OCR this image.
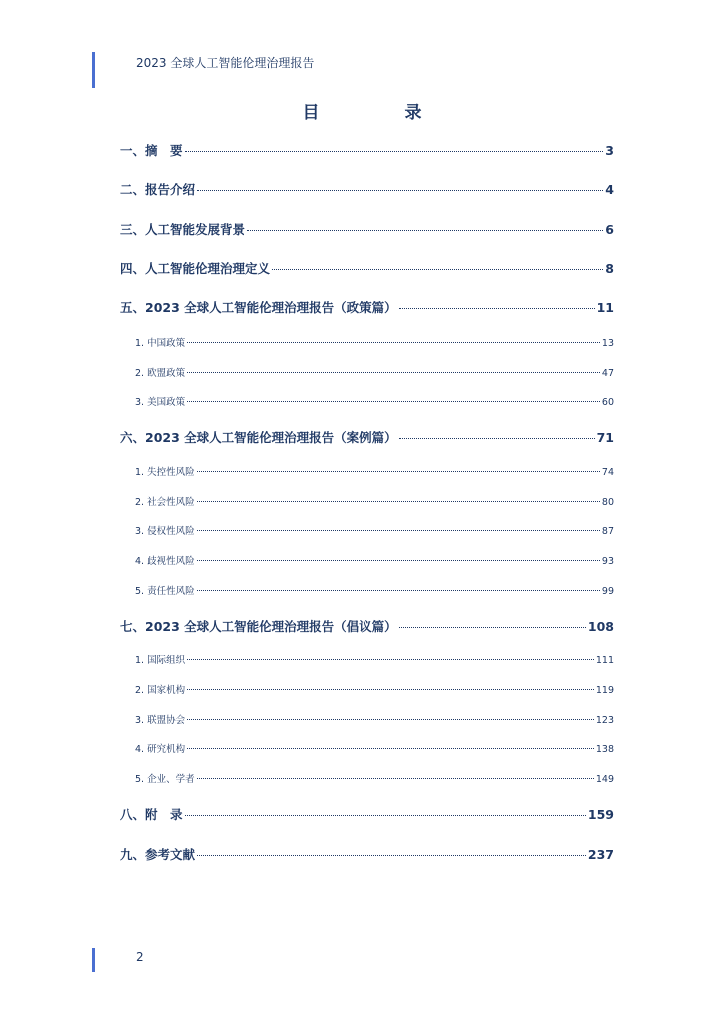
2023 全球人工智能伦理治理报告
目　录
一、摘　要	3
二、报告介绍	4
三、人工智能发展背景	6
四、人工智能伦理治理定义	8
五、2023 全球人工智能伦理治理报告（政策篇）	11
1. 中国政策	13
2. 欧盟政策	47
3. 美国政策	60
六、2023 全球人工智能伦理治理报告（案例篇）	71
1. 失控性风险	74
2. 社会性风险	80
3. 侵权性风险	87
4. 歧视性风险	93
5. 责任性风险	99
七、2023 全球人工智能伦理治理报告（倡议篇）	108
1. 国际组织	111
2. 国家机构	119
3. 联盟协会	123
4. 研究机构	138
5. 企业、学者	149
八、附　录	159
九、参考文献	237
2
